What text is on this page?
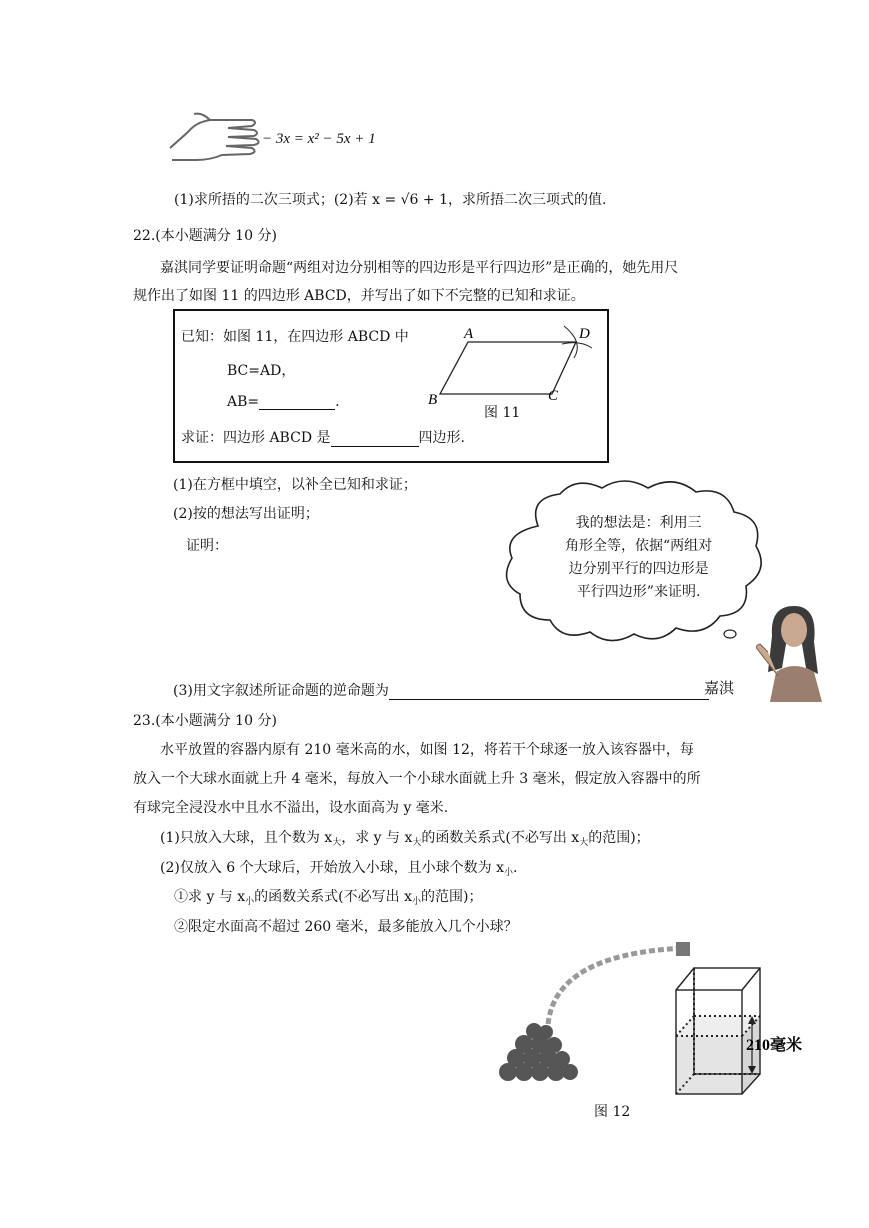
− 3x = x² − 5x + 1
(1)求所捂的二次三项式；(2)若 x = √6 + 1，求所捂二次三项式的值.
22.(本小题满分 10 分)
嘉淇同学要证明命题“两组对边分别相等的四边形是平行四边形”是正确的，她先用尺
规作出了如图 11 的四边形 ABCD，并写出了如下不完整的已知和求证。
已知：如图 11，在四边形 ABCD 中
BC=AD，
AB=	.
求证：四边形 ABCD 是	四边形.
A	D
B	C
图 11
(1)在方框中填空，以补全已知和求证；
(2)按的想法写出证明；
证明：
我的想法是：利用三
角形全等，依据“两组对
边分别平行的四边形是
平行四边形”来证明.
(3)用文字叙述所证命题的逆命题为	嘉淇
23.(本小题满分 10 分)
水平放置的容器内原有 210 毫米高的水，如图 12，将若干个球逐一放入该容器中，每
放入一个大球水面就上升 4 毫米，每放入一个小球水面就上升 3 毫米，假定放入容器中的所
有球完全浸没水中且水不溢出，设水面高为 y 毫米.
(1)只放入大球，且个数为 $x_大$，求 y 与 $x_大$的函数关系式(不必写出 $x_大$的范围)；
(2)仅放入 6 个大球后，开始放入小球，且小球个数为 $x_小$.
①求 y 与 $x_小$的函数关系式(不必写出 $x_小$的范围)；
②限定水面高不超过 260 毫米，最多能放入几个小球？
210毫米
图 12
